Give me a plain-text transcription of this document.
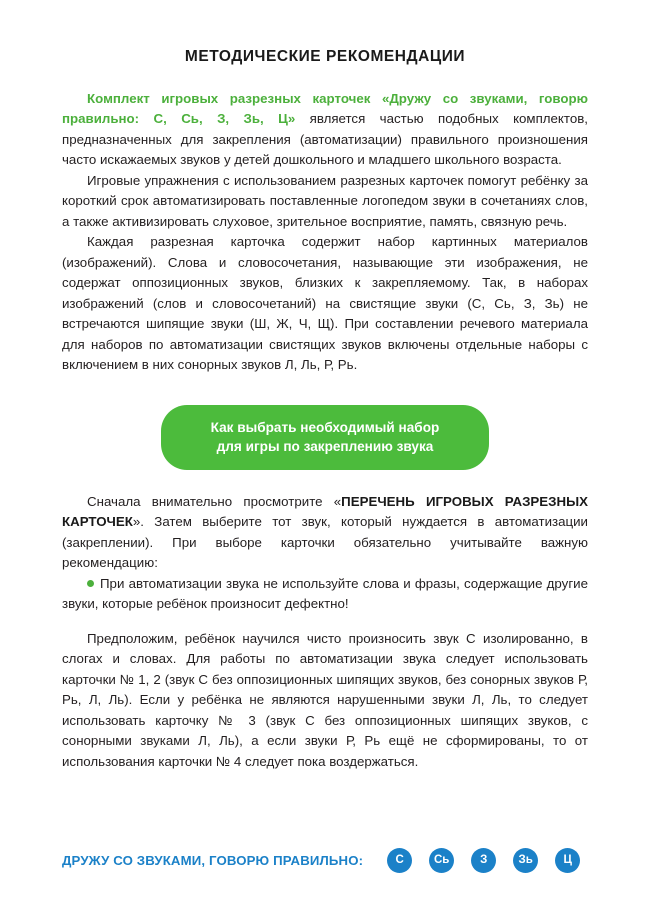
МЕТОДИЧЕСКИЕ РЕКОМЕНДАЦИИ

Комплект игровых разрезных карточек «Дружу со звуками, говорю правильно: С, Сь, З, Зь, Ц» является частью подобных комплектов, предназначенных для закрепления (автоматизации) правильного произношения часто искажаемых звуков у детей дошкольного и младшего школьного возраста.

Игровые упражнения с использованием разрезных карточек помогут ребёнку за короткий срок автоматизировать поставленные логопедом звуки в сочетаниях слов, а также активизировать слуховое, зрительное восприятие, память, связную речь.

Каждая разрезная карточка содержит набор картинных материалов (изображений). Слова и словосочетания, называющие эти изображения, не содержат оппозиционных звуков, близких к закрепляемому. Так, в наборах изображений (слов и словосочетаний) на свистящие звуки (С, Сь, З, Зь) не встречаются шипящие звуки (Ш, Ж, Ч, Щ). При составлении речевого материала для наборов по автоматизации свистящих звуков включены отдельные наборы с включением в них сонорных звуков Л, Ль, Р, Рь.

Как выбрать необходимый набор
для игры по закреплению звука

Сначала внимательно просмотрите «ПЕРЕЧЕНЬ ИГРОВЫХ РАЗРЕЗНЫХ КАРТОЧЕК». Затем выберите тот звук, который нуждается в автоматизации (закреплении). При выборе карточки обязательно учитывайте важную рекомендацию:

При автоматизации звука не используйте слова и фразы, содержащие другие звуки, которые ребёнок произносит дефектно!

Предположим, ребёнок научился чисто произносить звук С изолированно, в слогах и словах. Для работы по автоматизации звука следует использовать карточки № 1, 2 (звук С без оппозиционных шипящих звуков, без сонорных звуков Р, Рь, Л, Ль). Если у ребёнка не являются нарушенными звуки Л, Ль, то следует использовать карточку № 3 (звук С без оппозиционных шипящих звуков, с сонорными звуками Л, Ль), а если звуки Р, Рь ещё не сформированы, то от использования карточки № 4 следует пока воздержаться.

ДРУЖУ СО ЗВУКАМИ, ГОВОРЮ ПРАВИЛЬНО:	С	Сь	З	Зь	Ц
